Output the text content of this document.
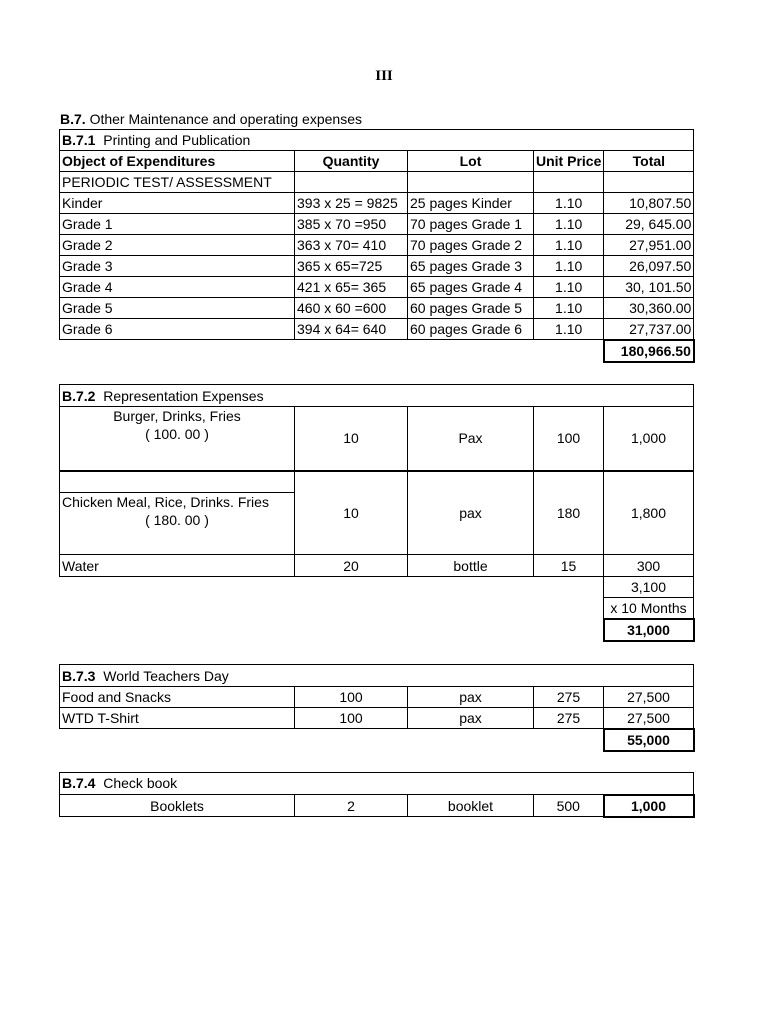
III
B.7. Other Maintenance and operating expenses
B.7.1 Printing and Publication				
Object of Expenditures	Quantity	Lot	Unit Price	Total
PERIODIC TEST/ ASSESSMENT				
Kinder	393 x 25 = 9825	25 pages Kinder	1.10	10,807.50
Grade 1	385 x 70 =950	70 pages Grade 1	1.10	29, 645.00
Grade 2	363 x 70= 410	70 pages Grade 2	1.10	27,951.00
Grade 3	365 x 65=725	65 pages Grade 3	1.10	26,097.50
Grade 4	421 x 65= 365	65 pages Grade 4	1.10	30, 101.50
Grade 5	460 x 60 =600	60 pages Grade 5	1.10	30,360.00
Grade 6	394 x 64= 640	60 pages Grade 6	1.10	27,737.00
				180,966.50
B.7.2 Representation Expenses				

Burger, Drinks, Fries
( 100. 00 )	10	Pax	100	1,000

Chicken Meal, Rice, Drinks. Fries
( 180. 00 )	10	pax	180	1,800
Water	20	bottle	15	300
				3,100
				x 10 Months
				31,000
B.7.3 World Teachers Day				
Food and Snacks	100	pax	275	27,500
WTD T-Shirt	100	pax	275	27,500
				55,000
B.7.4 Check book
Booklets	2	booklet	500	1,000
